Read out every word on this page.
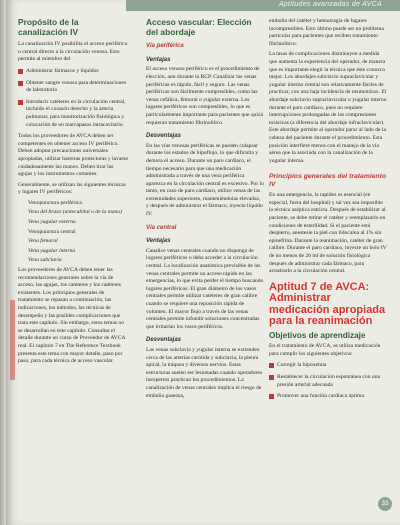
Aptitudes avanzadas de AVCA
Propósito de la canalización IV

La canalización IV posibilita el acceso periférico o central directo a la circulación venosa. Esto permite al miembro del

Administrar fármacos y líquidos
Obtener sangre venosa para determinaciones de laboratorio
Introducir catéteres en la circulación central, incluido el corazón derecho y la arteria pulmonar, para monitorización fisiológica y colocación de un marcapasos intracavitario.

Todos los proveedores de AVCA deben ser competentes en obtener acceso IV periférico. Deben adoptar precauciones universales apropiadas, utilizar barreras protectoras y lavarse cuidadosamente las manos. Deben tirar las agujas y los instrumentos cortantes.

Generalmente, se utilizan las siguientes técnicas y lugares IV periféricos:

Venopunctura periférica
Vena del brazo (antecubital o de la mano)
Vena yugular externa
Venopunctura central
Vena femoral
Vena yugular interna
Vena subclavia

Los proveedores de AVCA deben tener las recomendaciones generales sobre la vía de acceso, las agujas, los catéteres y los catéteres existentes. Los principios generales de tratamiento se repasan a continuación, las indicaciones, los métodos, las técnicas de desempeño y las posibles complicaciones que trata este capítulo. Sin embargo, estos temas no se desarrollan en este capítulo. Consultar el detalle durante un curso de Proveedor de AVCA real. El capítulo 7 en The Reference Textbook presenta este tema con mayor detalle, paso por paso, para cada técnica de acceso vascular.

Acceso vascular: Elección del abordaje
Vía periférica
Ventajas

El acceso venoso periférico es el procedimiento de elección, aun durante la RCP. Canalizar las venas periféricas es rápido, fácil y seguro. Las venas periféricas son fácilmente compresibles, como las venas cefálica, femoral o yugular externa. Los lugares periféricos son compresibles, lo que es particularmente importante para pacientes que quizá requieran tratamiento fibrinolítico.

Desventajas

En las vías venosas periféricas se pueden colapsar durante los estados de hipoflujo, lo que dificulta y demora el acceso. Durante un paro cardíaco, el tiempo necesario para que una medicación administrada a través de una vena periférica aparezca en la circulación central es excesivo. Por lo tanto, en caso de paro cardíaco, utilice venas de las extremidades superiores, manteniéndolas elevadas, y después de administrar el fármaco, inyecte líquido IV.

Vía central
Ventajas

Canalice venas centrales cuando no disponga de lugares periféricos o deba acceder a la circulación central. La localización anatómica previsible de las venas centrales permite un acceso rápido en las emergencias, lo que evita perder el tiempo buscando lugares periféricos. El gran diámetro de los vasos centrales permite utilizar catéteres de gran calibre cuando se requiere una reposición rápida de volumen. El mayor flujo a través de las venas centrales permite infundir soluciones concentradas que irritarían los vasos periféricos.

Desventajas

Las venas subclavia y yugular interna se extienden cerca de las arterias carótida y subclavia, la pleura apical, la tráquea y diversos nervios. Estas estructuras suelen ser lesionadas cuando operadores inexpertos practican los procedimientos. La canalización de venas centrales implica el riesgo de embolia gaseosa,

embolia del catéter y hemorragia de lugares incompresibles. Esto último puede ser un problema particular para pacientes que reciben tratamiento fibrinolítico.

La tasas de complicaciones disminuyen a medida que aumenta la experiencia del operador, de manera que es importante elegir la técnica que éste conozca mejor. Los abordajes subclavio supraclavicular y yugular interno central son relativamente fáciles de practicar, con una baja incidencia de neumotórax. El abordaje subclavio supraclavicular o yugular interno durante el paro cardíaco, pues no requiere interrupciones prolongadas de las compresiones torácicas (a diferencia del abordaje infraclavicular). Este abordaje permite al operador parar al lado de la cabeza del paciente durante el procedimiento. Esta posición interfiere menos con el manejo de la vía aérea que la asociada con la canalización de la yugular interna.

Principios generales del tratamiento IV

En una emergencia, la rapidez es esencial (en especial, fuera del hospital) y tal vez sea imposible la técnica aséptica estricta. Después de estabilizar al paciente, se debe retirar el catéter y reemplazarlo en condiciones de esterilidad. Si el paciente está despierto, anestesie la piel con lidocaína al 1% sin epinefrina. Durante la reanimación, catéter de gran calibre. Durante el paro cardíaco, inyecte un bolo IV de no menos de 20 ml de solución fisiológica después de administrar cada fármaco, para arrastrarlo a la circulación central.

Aptitud 7 de AVCA: Administrar medicación apropiada para la reanimación
Objetivos de aprendizaje

En el tratamiento de AVCA, se utiliza medicación para cumplir los siguientes objetivos:

Corregir la hipoxemia
Restablecer la circulación espontánea con una presión arterial adecuada
Promover una función cardíaca óptima
33
